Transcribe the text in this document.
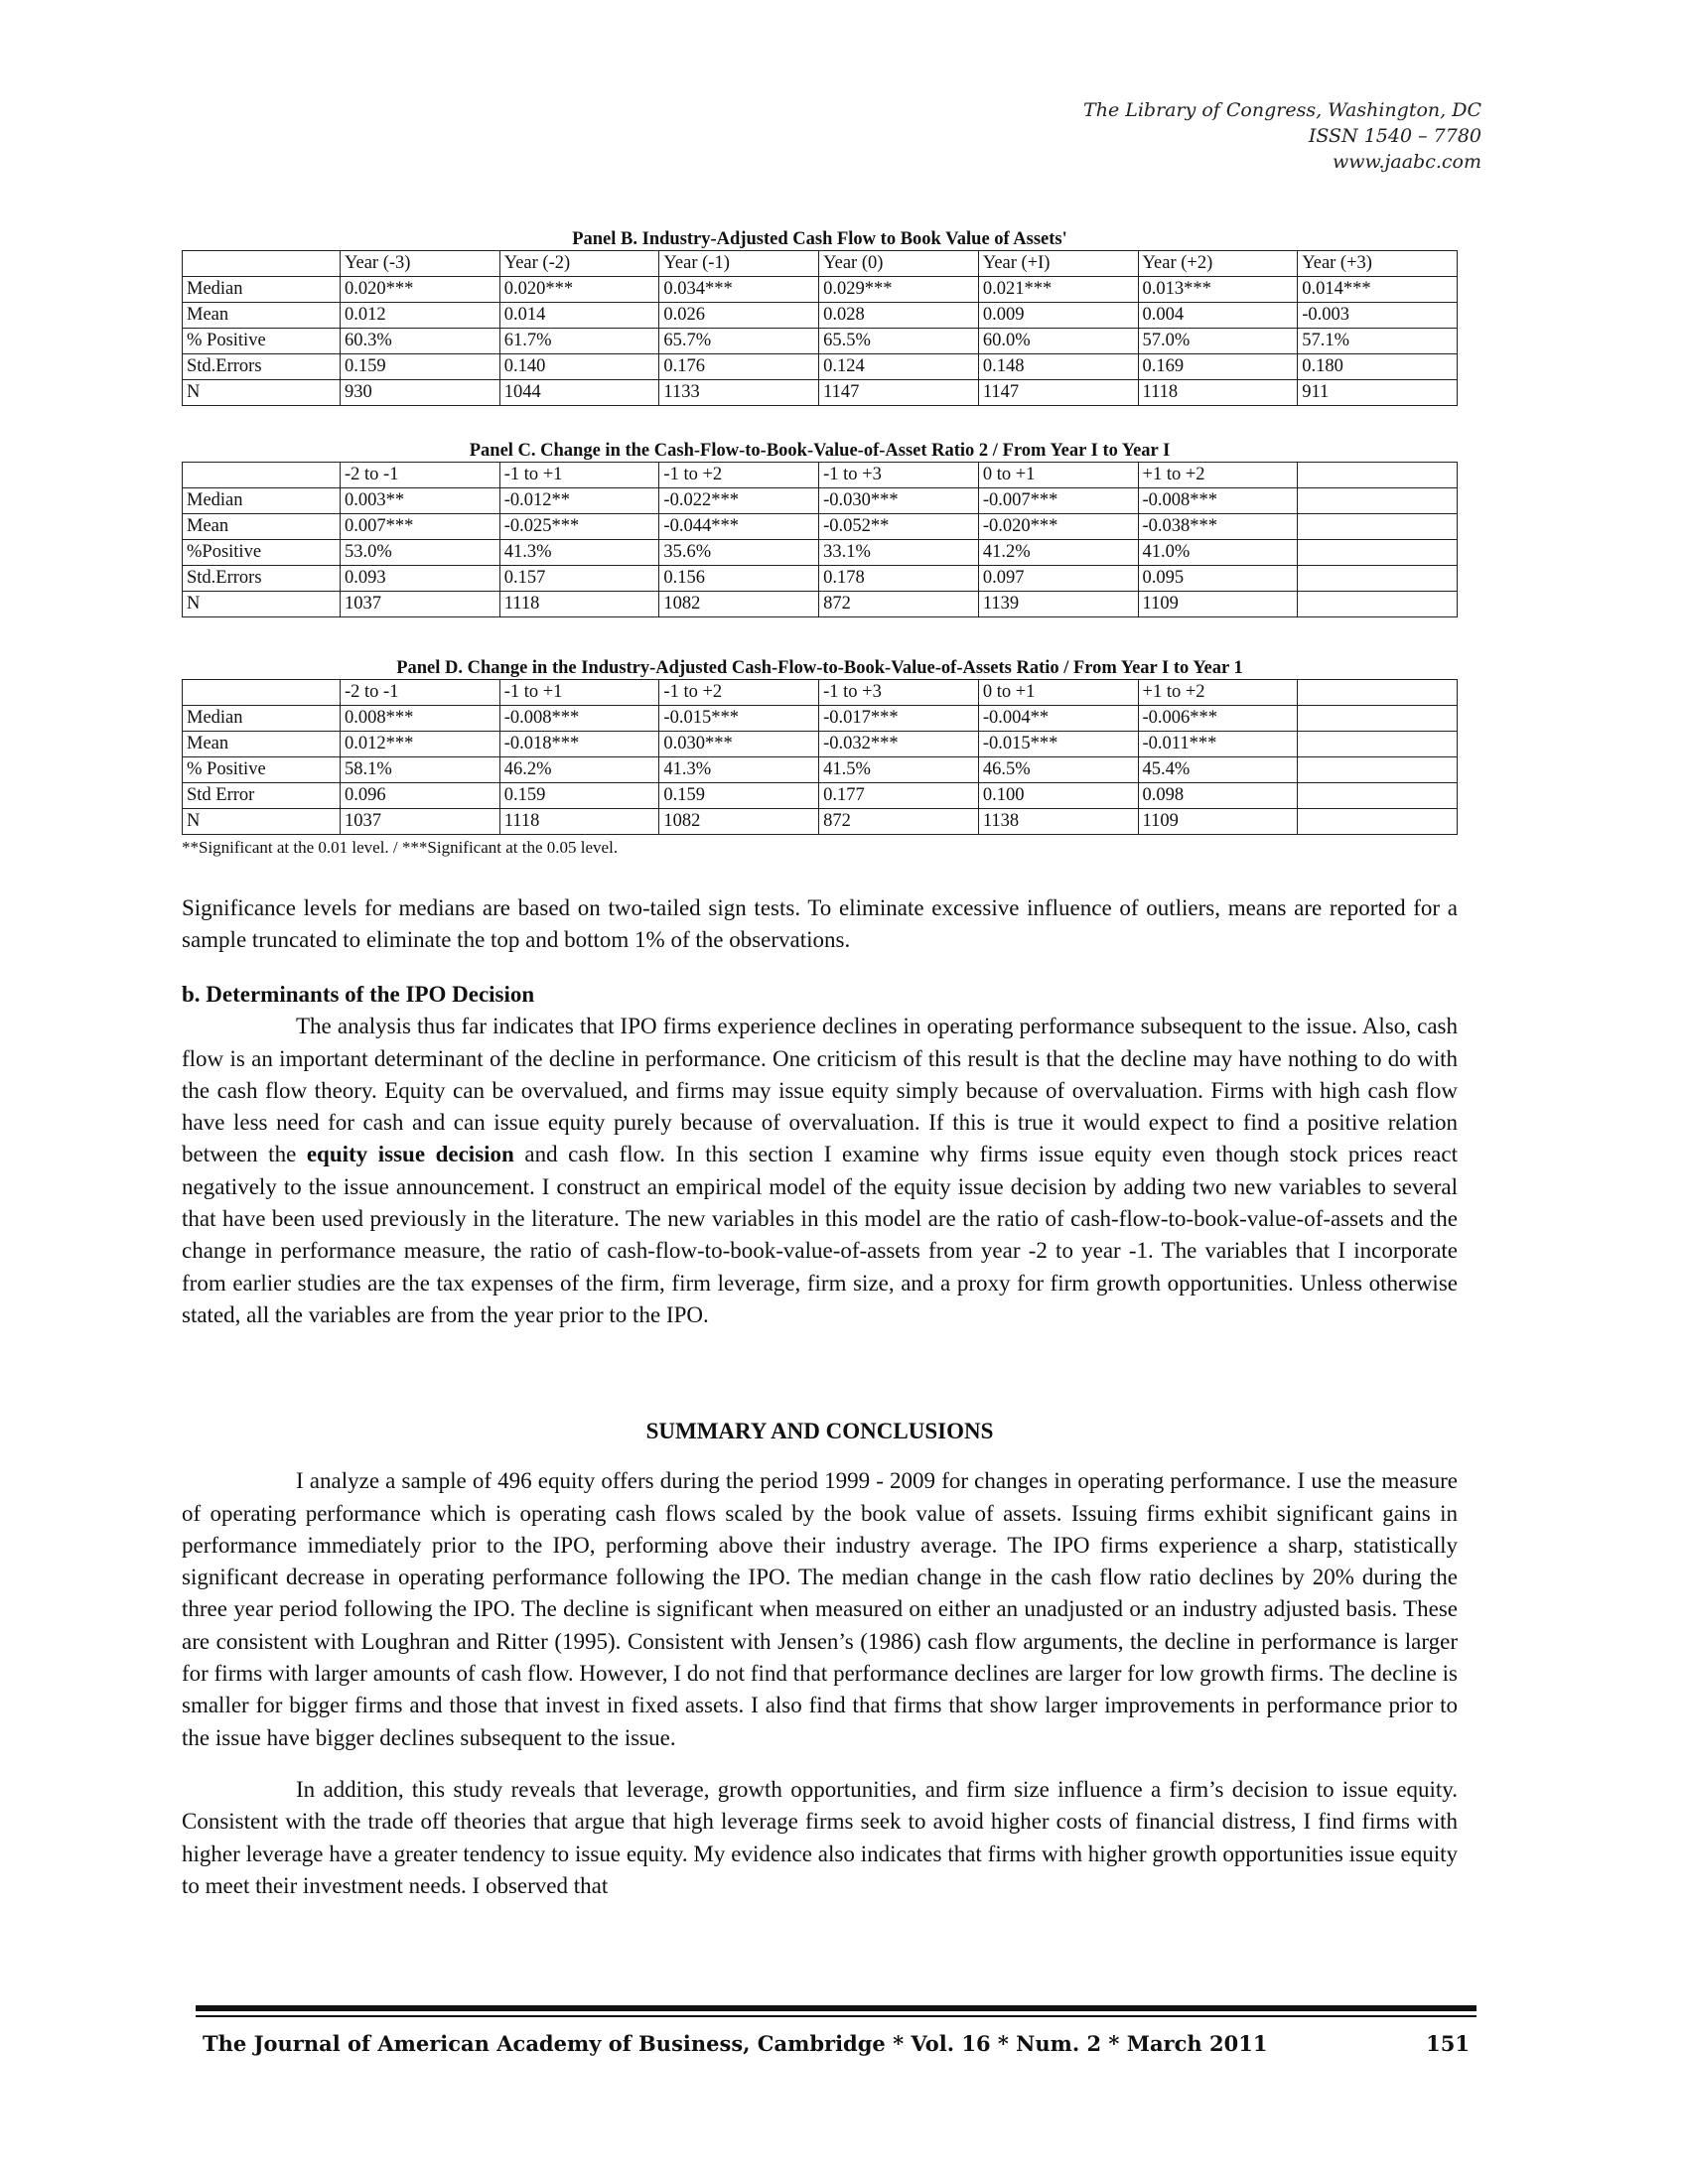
The Library of Congress, Washington, DC
ISSN 1540 – 7780
www.jaabc.com
Panel B. Industry-Adjusted Cash Flow to Book Value of Assets'
	Year (-3)	Year (-2)	Year (-1)	Year (0)	Year (+I)	Year (+2)	Year (+3)
Median	0.020***	0.020***	0.034***	0.029***	0.021***	0.013***	0.014***
Mean	0.012	0.014	0.026	0.028	0.009	0.004	-0.003
% Positive	60.3%	61.7%	65.7%	65.5%	60.0%	57.0%	57.1%
Std.Errors	0.159	0.140	0.176	0.124	0.148	0.169	0.180
N	930	1044	1133	1147	1147	1118	911
Panel C. Change in the Cash-Flow-to-Book-Value-of-Asset Ratio 2 / From Year I to Year I
	-2 to -1	-1 to +1	-1 to +2	-1 to +3	0 to +1	+1 to +2	
Median	0.003**	-0.012**	-0.022***	-0.030***	-0.007***	-0.008***	
Mean	0.007***	-0.025***	-0.044***	-0.052**	-0.020***	-0.038***	
%Positive	53.0%	41.3%	35.6%	33.1%	41.2%	41.0%	
Std.Errors	0.093	0.157	0.156	0.178	0.097	0.095	
N	1037	1118	1082	872	1139	1109	
Panel D. Change in the Industry-Adjusted Cash-Flow-to-Book-Value-of-Assets Ratio / From Year I to Year 1
	-2 to -1	-1 to +1	-1 to +2	-1 to +3	0 to +1	+1 to +2	
Median	0.008***	-0.008***	-0.015***	-0.017***	-0.004**	-0.006***	
Mean	0.012***	-0.018***	0.030***	-0.032***	-0.015***	-0.011***	
% Positive	58.1%	46.2%	41.3%	41.5%	46.5%	45.4%	
Std Error	0.096	0.159	0.159	0.177	0.100	0.098	
N	1037	1118	1082	872	1138	1109	
**Significant at the 0.01 level. / ***Significant at the 0.05 level.
Significance levels for medians are based on two-tailed sign tests. To eliminate excessive influence of outliers, means are reported for a sample truncated to eliminate the top and bottom 1% of the observations.
b. Determinants of the IPO Decision

The analysis thus far indicates that IPO firms experience declines in operating performance subsequent to the issue. Also, cash flow is an important determinant of the decline in performance. One criticism of this result is that the decline may have nothing to do with the cash flow theory. Equity can be overvalued, and firms may issue equity simply because of overvaluation. Firms with high cash flow have less need for cash and can issue equity purely because of overvaluation. If this is true it would expect to find a positive relation between the equity issue decision and cash flow. In this section I examine why firms issue equity even though stock prices react negatively to the issue announcement. I construct an empirical model of the equity issue decision by adding two new variables to several that have been used previously in the literature. The new variables in this model are the ratio of cash-flow-to-book-value-of-assets and the change in performance measure, the ratio of cash-flow-to-book-value-of-assets from year -2 to year -1. The variables that I incorporate from earlier studies are the tax expenses of the firm, firm leverage, firm size, and a proxy for firm growth opportunities. Unless otherwise stated, all the variables are from the year prior to the IPO.

SUMMARY AND CONCLUSIONS

I analyze a sample of 496 equity offers during the period 1999 - 2009 for changes in operating performance. I use the measure of operating performance which is operating cash flows scaled by the book value of assets. Issuing firms exhibit significant gains in performance immediately prior to the IPO, performing above their industry average. The IPO firms experience a sharp, statistically significant decrease in operating performance following the IPO. The median change in the cash flow ratio declines by 20% during the three year period following the IPO. The decline is significant when measured on either an unadjusted or an industry adjusted basis. These are consistent with Loughran and Ritter (1995). Consistent with Jensen’s (1986) cash flow arguments, the decline in performance is larger for firms with larger amounts of cash flow. However, I do not find that performance declines are larger for low growth firms. The decline is smaller for bigger firms and those that invest in fixed assets. I also find that firms that show larger improvements in performance prior to the issue have bigger declines subsequent to the issue.

In addition, this study reveals that leverage, growth opportunities, and firm size influence a firm’s decision to issue equity. Consistent with the trade off theories that argue that high leverage firms seek to avoid higher costs of financial distress, I find firms with higher leverage have a greater tendency to issue equity. My evidence also indicates that firms with higher growth opportunities issue equity to meet their investment needs. I observed that

The Journal of American Academy of Business, Cambridge * Vol. 16 * Num. 2 * March 2011	151
